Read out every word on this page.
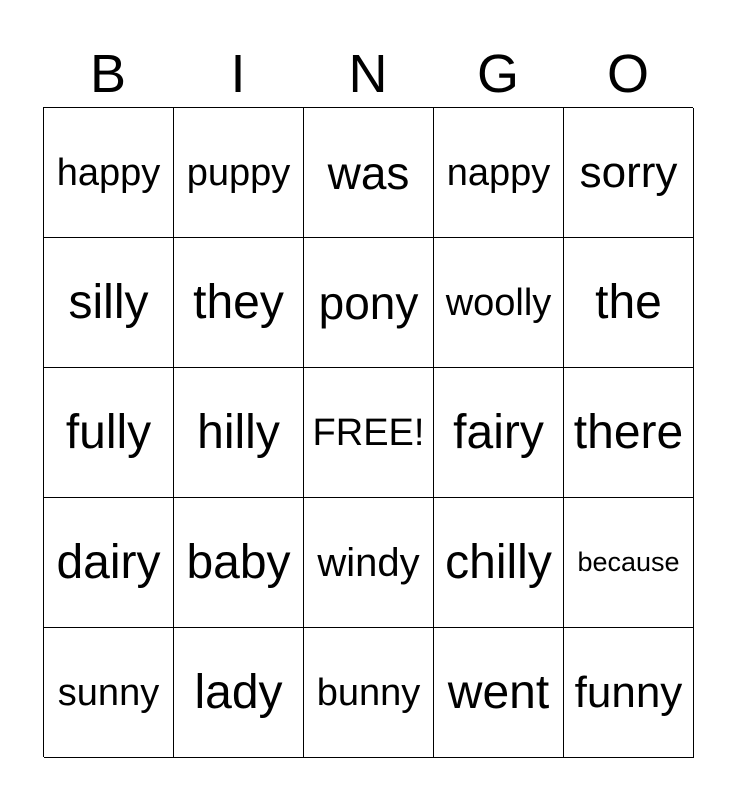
B	I	N	G	O
happy puppy was nappy sorry
silly they pony woolly the
fully hilly FREE! fairy there
dairy baby windy chilly because
sunny lady bunny went funny
